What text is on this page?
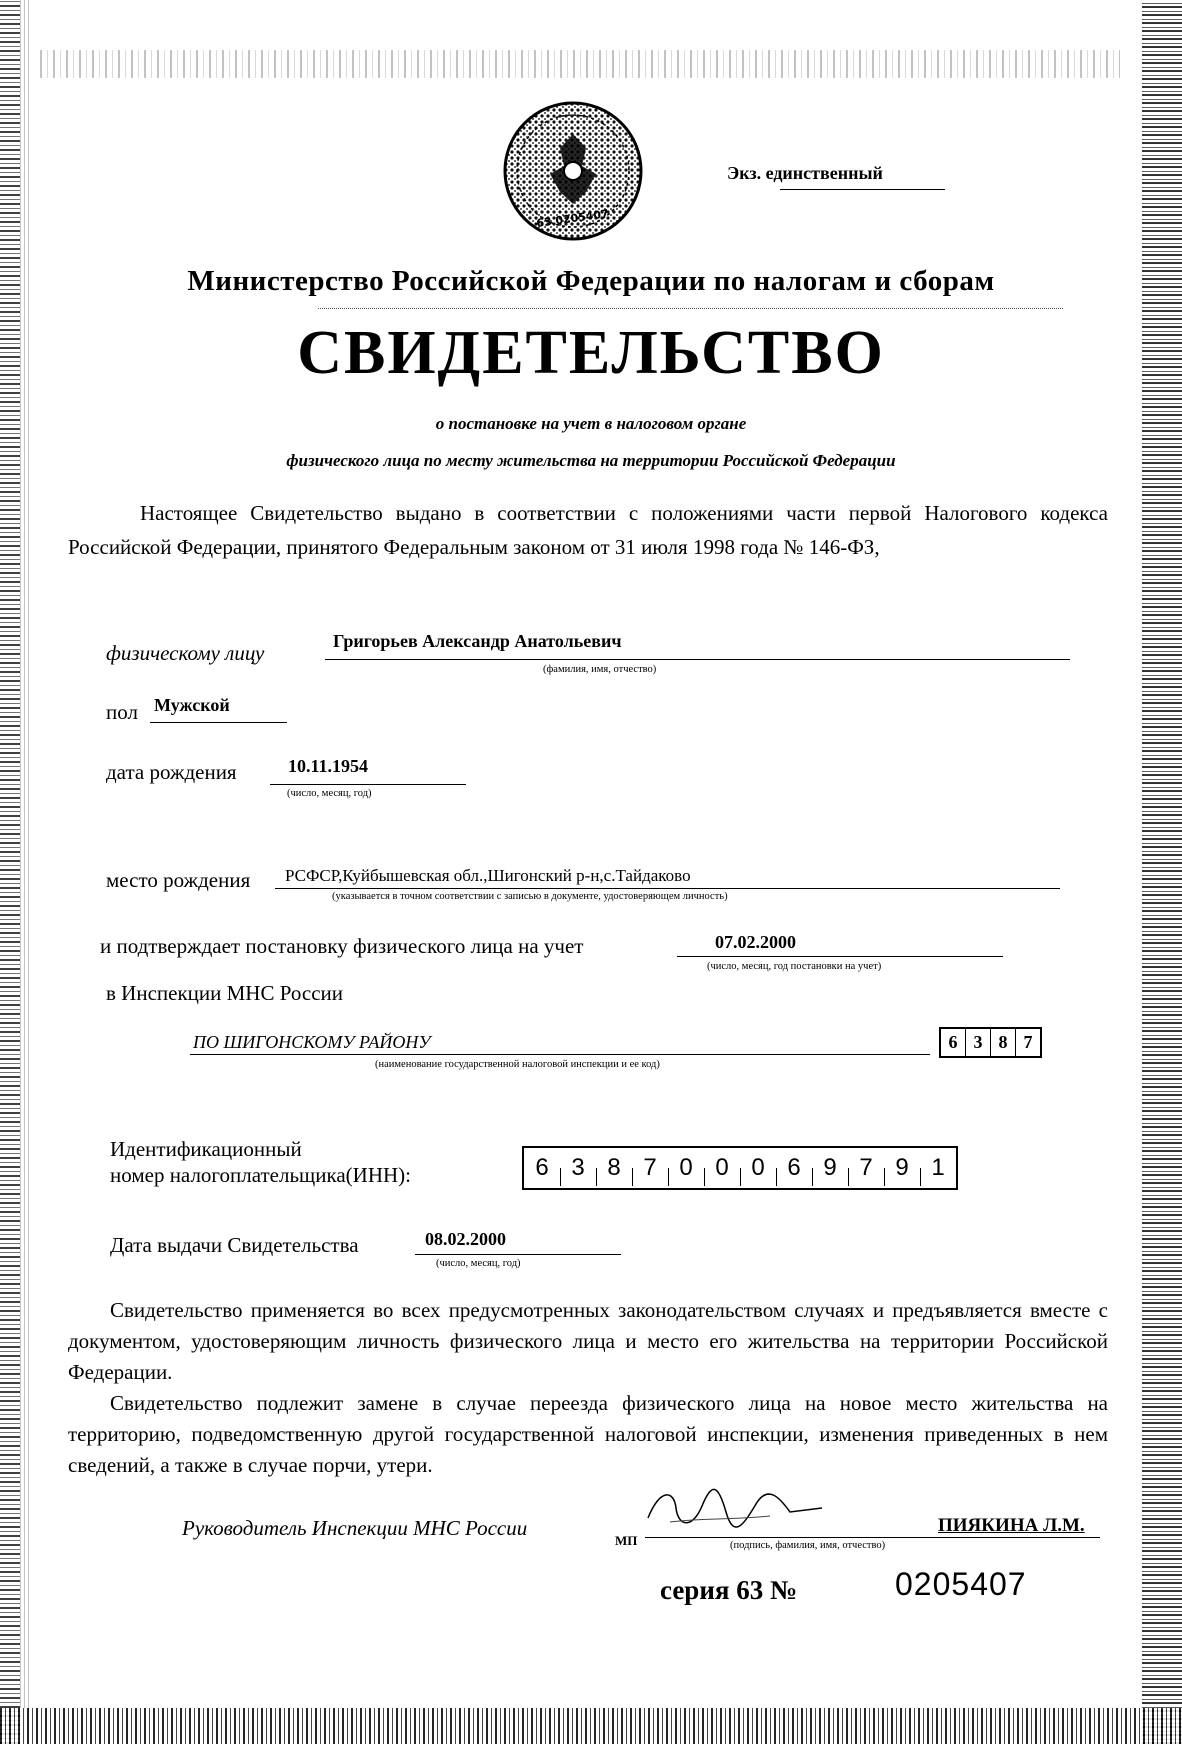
63 0205407
Экз. единственный
Министерство Российской Федерации по налогам и сборам
СВИДЕТЕЛЬСТВО
о постановке на учет в налоговом органе
физического лица по месту жительства на территории Российской Федерации
Настоящее Свидетельство выдано в соответствии с положениями части первой Налогового кодекса Российской Федерации, принятого Федеральным законом от 31 июля 1998 года № 146-ФЗ,
физическому лицу	Григорьев Александр Анатольевич
(фамилия, имя, отчество)
пол Мужской
дата рождения	10.11.1954
(число, месяц, год)
место рождения РСФСР,Куйбышевская обл.,Шигонский р-н,с.Тайдаково
(указывается в точном соответствии с записью в документе, удостоверяющем личность)
и подтверждает постановку физического лица на учет	07.02.2000
(число, месяц, год постановки на учет)
в Инспекции МНС России
ПО ШИГОНСКОМУ РАЙОНУ
(наименование государственной налоговой инспекции и ее код)
6 3 8 7
Идентификационный
номер налогоплательщика(ИНН):	6 3 8 7 0 0 0 6 9 7 9 1
Дата выдачи Свидетельства	08.02.2000
(число, месяц, год)
Свидетельство применяется во всех предусмотренных законодательством случаях и предъявляется вместе с документом, удостоверяющим личность физического лица и место его жительства на территории Российской Федерации.
Свидетельство подлежит замене в случае переезда физического лица на новое место жительства на территорию, подведомственную другой государственной налоговой инспекции, изменения приведенных в нем сведений, а также в случае порчи, утери.
Руководитель Инспекции МНС России
МП
ПИЯКИНА Л.М.
(подпись, фамилия, имя, отчество)
серия 63 №	0205407
